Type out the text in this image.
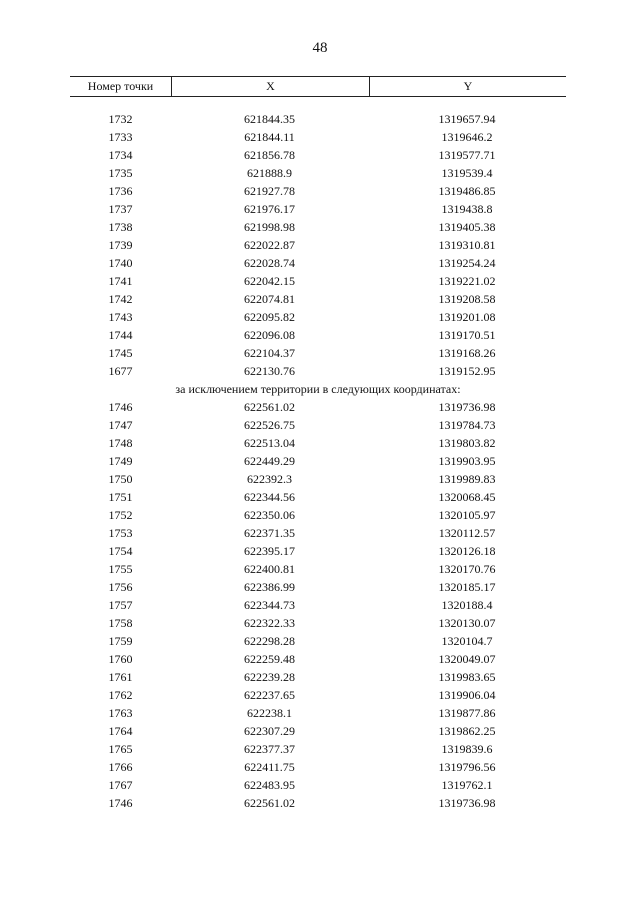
48
Номер точки	X	Y
1732	621844.35	1319657.94
1733	621844.11	1319646.2
1734	621856.78	1319577.71
1735	621888.9	1319539.4
1736	621927.78	1319486.85
1737	621976.17	1319438.8
1738	621998.98	1319405.38
1739	622022.87	1319310.81
1740	622028.74	1319254.24
1741	622042.15	1319221.02
1742	622074.81	1319208.58
1743	622095.82	1319201.08
1744	622096.08	1319170.51
1745	622104.37	1319168.26
1677	622130.76	1319152.95
за исключением территории в следующих координатах:
1746	622561.02	1319736.98
1747	622526.75	1319784.73
1748	622513.04	1319803.82
1749	622449.29	1319903.95
1750	622392.3	1319989.83
1751	622344.56	1320068.45
1752	622350.06	1320105.97
1753	622371.35	1320112.57
1754	622395.17	1320126.18
1755	622400.81	1320170.76
1756	622386.99	1320185.17
1757	622344.73	1320188.4
1758	622322.33	1320130.07
1759	622298.28	1320104.7
1760	622259.48	1320049.07
1761	622239.28	1319983.65
1762	622237.65	1319906.04
1763	622238.1	1319877.86
1764	622307.29	1319862.25
1765	622377.37	1319839.6
1766	622411.75	1319796.56
1767	622483.95	1319762.1
1746	622561.02	1319736.98
